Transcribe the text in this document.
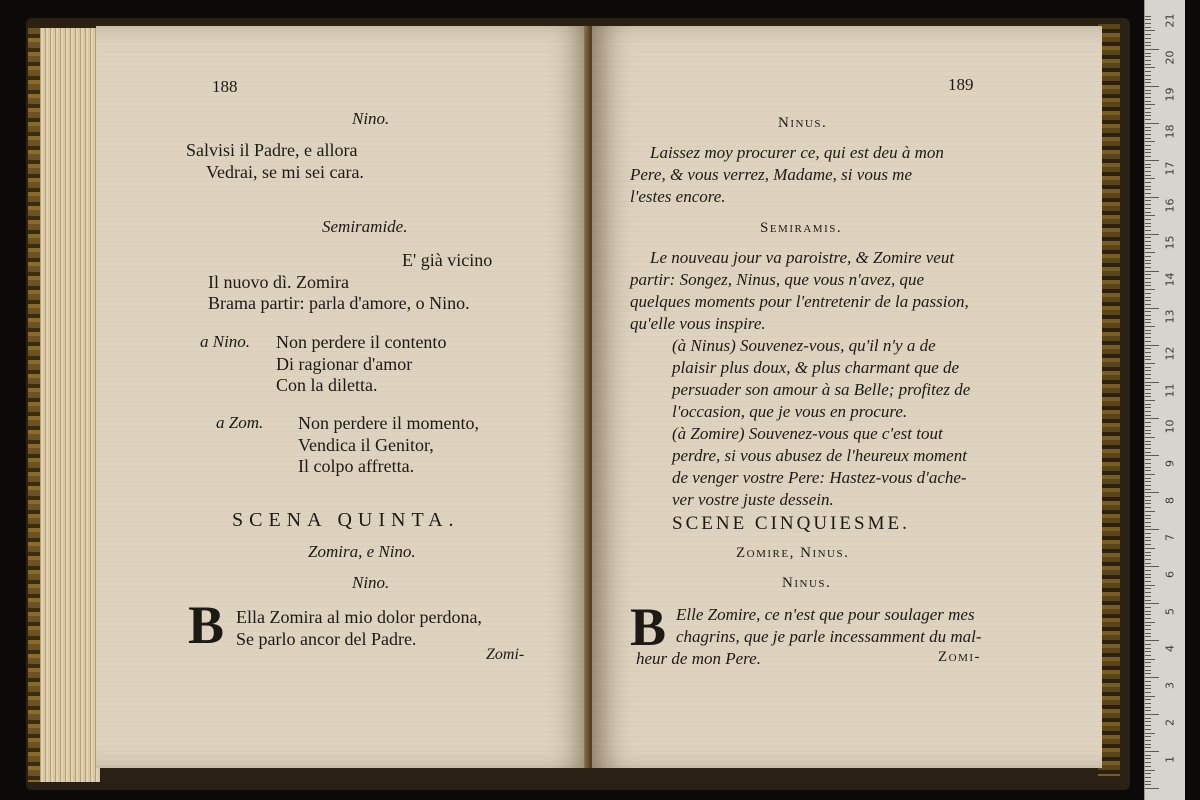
188
Nino.
Salvisi il Padre, e allora
Vedrai, se mi sei cara.
Semiramide.
E' già vicino
Il nuovo dì. Zomira
Brama partir: parla d'amore, o Nino.
a Nino. Non perdere il contento
Di ragionar d'amor
Con la diletta.
a Zom. Non perdere il momento,
Vendica il Genitor,
Il colpo affretta.
SCENA QUINTA.
Zomira, e Nino.
Nino.
B Ella Zomira al mio dolor perdona,
Se parlo ancor del Padre.
Zomi-
189
Ninus.
Laissez moy procurer ce, qui est deu à mon
Pere, & vous verrez, Madame, si vous me
l'estes encore.
Semiramis.
Le nouveau jour va paroistre, & Zomire veut
partir: Songez, Ninus, que vous n'avez, que
quelques moments pour l'entretenir de la passion,
qu'elle vous inspire.
(à Ninus) Souvenez-vous, qu'il n'y a de
plaisir plus doux, & plus charmant que de
persuader son amour à sa Belle; profitez de
l'occasion, que je vous en procure.
(à Zomire) Souvenez-vous que c'est tout
perdre, si vous abusez de l'heureux moment
de venger vostre Pere: Hastez-vous d'ache-
ver vostre juste dessein.
SCENE CINQUIESME.
Zomire, Ninus.
Ninus.
B Elle Zomire, ce n'est que pour soulager mes
chagrins, que je parle incessamment du mal-
heur de mon Pere.	Zomi-
1
2
3
4
5
6
7
8
9
10
11
12
13
14
15
16
17
18
19
20
21
